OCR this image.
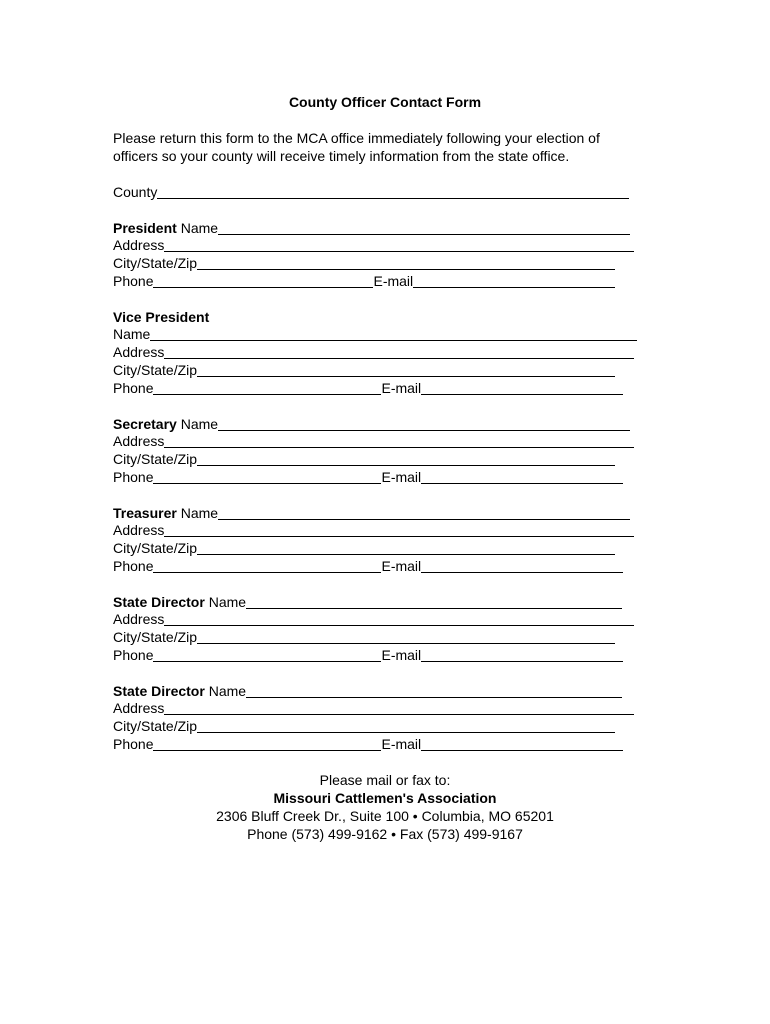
County Officer Contact Form

Please return this form to the MCA office immediately following your election of

officers so your county will receive timely information from the state office.

County
President Name
Address
City/State/Zip
Phone	E-mail
Vice President
Name
Address
City/State/Zip
Phone	E-mail
Secretary Name
Address
City/State/Zip
Phone	E-mail
Treasurer Name
Address
City/State/Zip
Phone	E-mail
State Director Name
Address
City/State/Zip
Phone	E-mail
State Director Name
Address
City/State/Zip
Phone	E-mail
Please mail or fax to:
Missouri Cattlemen's Association
2306 Bluff Creek Dr., Suite 100 • Columbia, MO 65201
Phone (573) 499-9162 • Fax (573) 499-9167
